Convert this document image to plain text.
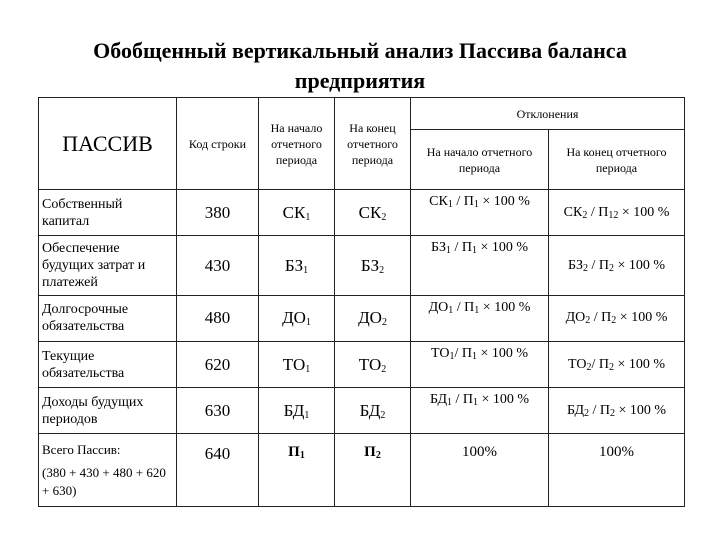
Обобщенный вертикальный анализ Пассива баланса предприятия
ПАССИВ	Код строки	На начало отчетного периода	На конец отчетного периода	Отклонения	
				На начало отчетного периода	На конец отчетного периода
Собственный капитал	380	$СК_1$	$СК_2$	$СК_1 / П_1 \times 100$ %	$СК_2 / П_{12} \times 100$ %
Обеспечение будущих затрат и платежей	430	$БЗ_1$	$БЗ_2$	$БЗ_1 / П_1 \times 100$ %	$БЗ_2 / П_2 \times 100$ %
Долгосрочные обязательства	480	$ДО_1$	$ДО_2$	$ДО_1 / П_1 \times 100$ %	$ДО_2 / П_2 \times 100$ %
Текущие обязательства	620	$ТО_1$	$ТО_2$	$ТО_1/$ $П_1 \times 100$ %	$ТО_2/$ $П_2 \times 100$ %
Доходы будущих периодов	630	$БД_1$	$БД_2$	$БД_1 / П_1 \times 100$ %	$БД_2 / П_2 \times 100$ %

Всего Пассив:
(380 + 430 + 480 + 620 + 630)	640	$П_1$	$П_2$	100%	100%
